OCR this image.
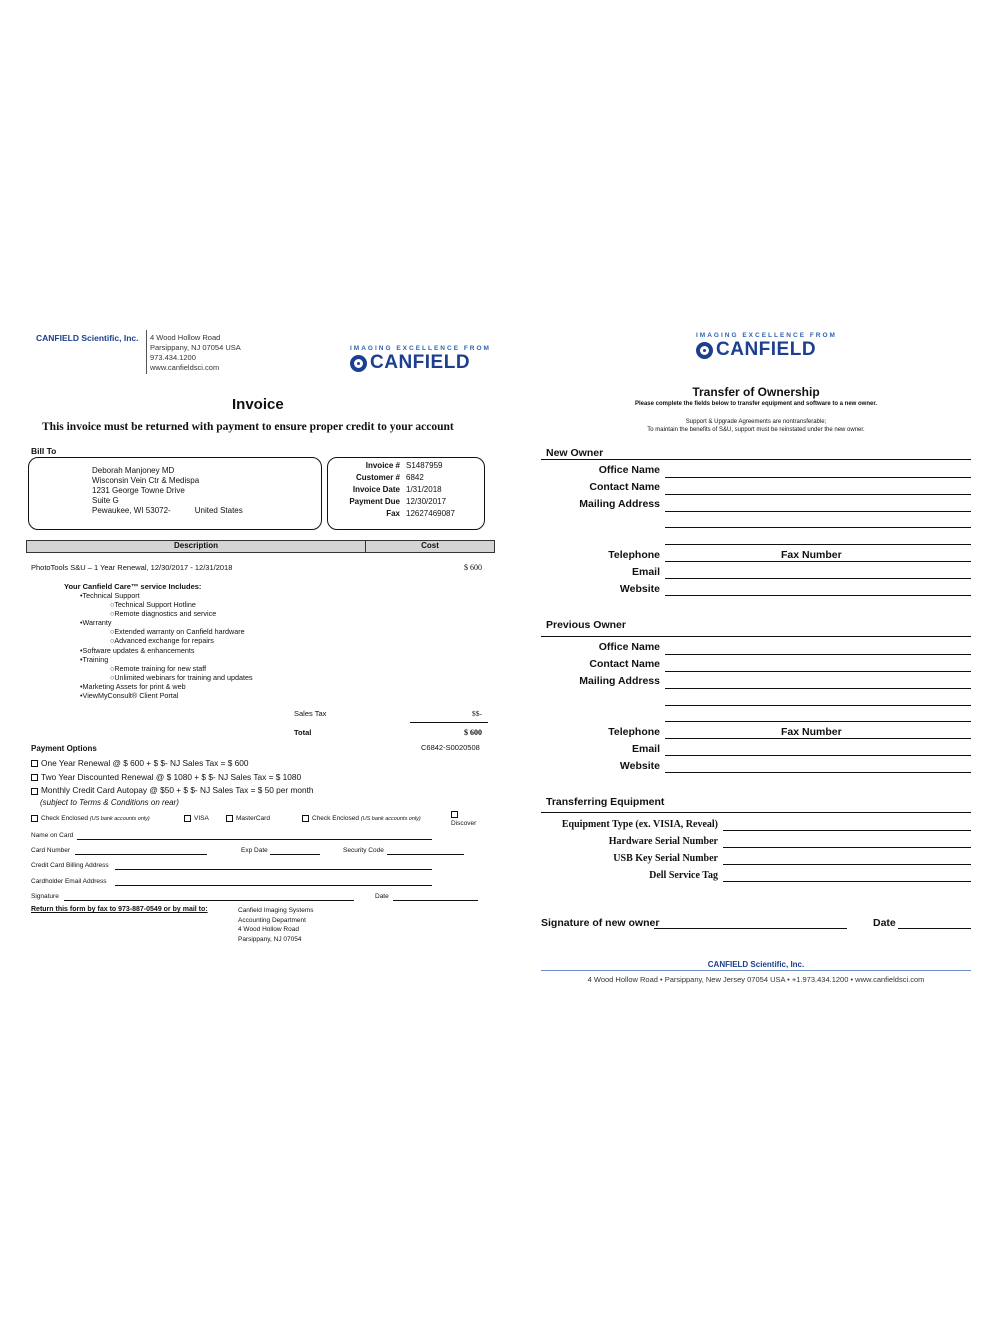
CANFIELD Scientific, Inc. 4 Wood Hollow Road
Parsippany, NJ 07054 USA
973.434.1200
www.canfieldsci.com
IMAGING EXCELLENCE FROM
CANFIELD
Invoice
This invoice must be returned with payment to ensure proper credit to your account
Bill To
Deborah Manjoney MD
Wisconsin Vein Ctr & Medispa
1231 George Towne Drive
Suite G
Pewaukee, WI 53072-	United States
Invoice # S1487959
Customer # 6842
Invoice Date 1/31/2018
Payment Due 12/30/2017
Fax 12627469087
Description	Cost
PhotoTools S&U – 1 Year Renewal, 12/30/2017 - 12/31/2018	$ 600
Your Canfield Care™ service Includes:
•Technical Support
○Technical Support Hotline
○Remote diagnostics and service
•Warranty
○Extended warranty on Canfield hardware
○Advanced exchange for repairs
•Software updates & enhancements
•Training
○Remote training for new staff
○Unlimited webinars for training and updates
•Marketing Assets for print & web
•ViewMyConsult® Client Portal
Sales Tax	$$-
Total	$ 600
Payment Options	C6842-S0020508
One Year Renewal @ $ 600 + $ $- NJ Sales Tax = $ 600
Two Year Discounted Renewal @ $ 1080 + $ $- NJ Sales Tax = $ 1080
Monthly Credit Card Autopay @ $50 + $ $- NJ Sales Tax = $ 50 per month
(subject to Terms & Conditions on rear)
Check Enclosed (US bank accounts only)	VISA	MasterCard	Check Enclosed (US bank accounts only)
Discover
Name on Card
Card Number	Exp Date	Security Code
Credit Card Billing Address
Cardholder Email Address
Signature	Date
Return this form by fax to 973-887-0549 or by mail to:	Canfield Imaging Systems
Accounting Department
4 Wood Hollow Road
Parsippany, NJ 07054
IMAGING EXCELLENCE FROM
CANFIELD
Transfer of Ownership
Please complete the fields below to transfer equipment and software to a new owner.
Support & Upgrade Agreements are nontransferable;
To maintain the benefits of S&U, support must be reinstated under the new owner.
New Owner
Office Name
Contact Name
Mailing Address
Telephone	Fax Number
Email
Website
Previous Owner
Office Name
Contact Name
Mailing Address
Telephone	Fax Number
Email
Website
Transferring Equipment
Equipment Type (ex. VISIA, Reveal)
Hardware Serial Number
USB Key Serial Number
Dell Service Tag
Signature of new owner	Date
CANFIELD Scientific, Inc.
4 Wood Hollow Road • Parsippany, New Jersey 07054 USA • +1.973.434.1200 • www.canfieldsci.com
